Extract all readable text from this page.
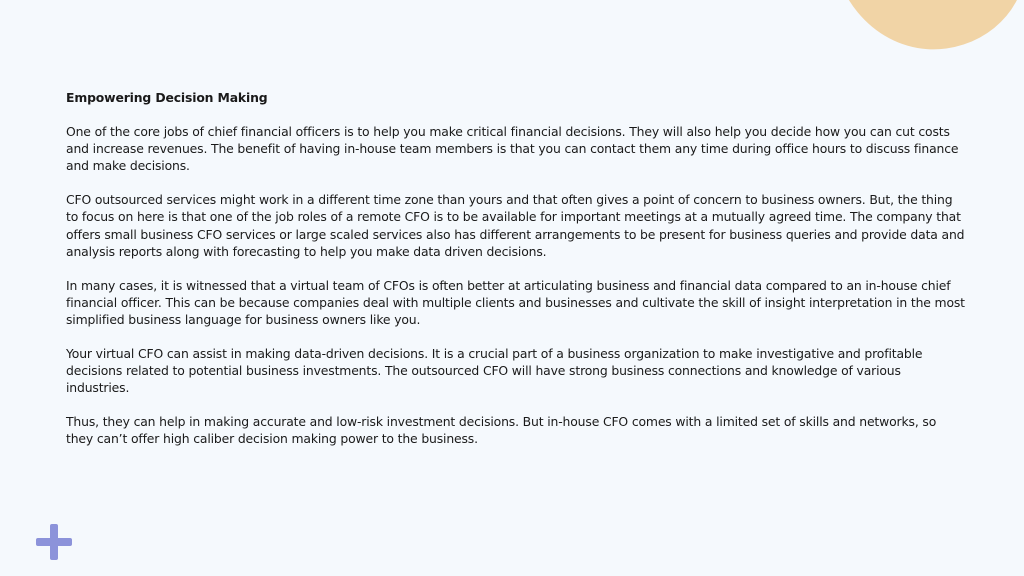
Empowering Decision Making

One of the core jobs of chief financial officers is to help you make critical financial decisions. They will also help you decide how you can cut costs and increase revenues. The benefit of having in-house team members is that you can contact them any time during office hours to discuss finance and make decisions.

CFO outsourced services might work in a different time zone than yours and that often gives a point of concern to business owners. But, the thing to focus on here is that one of the job roles of a remote CFO is to be available for important meetings at a mutually agreed time. The company that offers small business CFO services or large scaled services also has different arrangements to be present for business queries and provide data and analysis reports along with forecasting to help you make data driven decisions.

In many cases, it is witnessed that a virtual team of CFOs is often better at articulating business and financial data compared to an in-house chief financial officer. This can be because companies deal with multiple clients and businesses and cultivate the skill of insight interpretation in the most simplified business language for business owners like you.

Your virtual CFO can assist in making data-driven decisions. It is a crucial part of a business organization to make investigative and profitable decisions related to potential business investments. The outsourced CFO will have strong business connections and knowledge of various industries.

Thus, they can help in making accurate and low-risk investment decisions. But in-house CFO comes with a limited set of skills and networks, so they can’t offer high caliber decision making power to the business.
